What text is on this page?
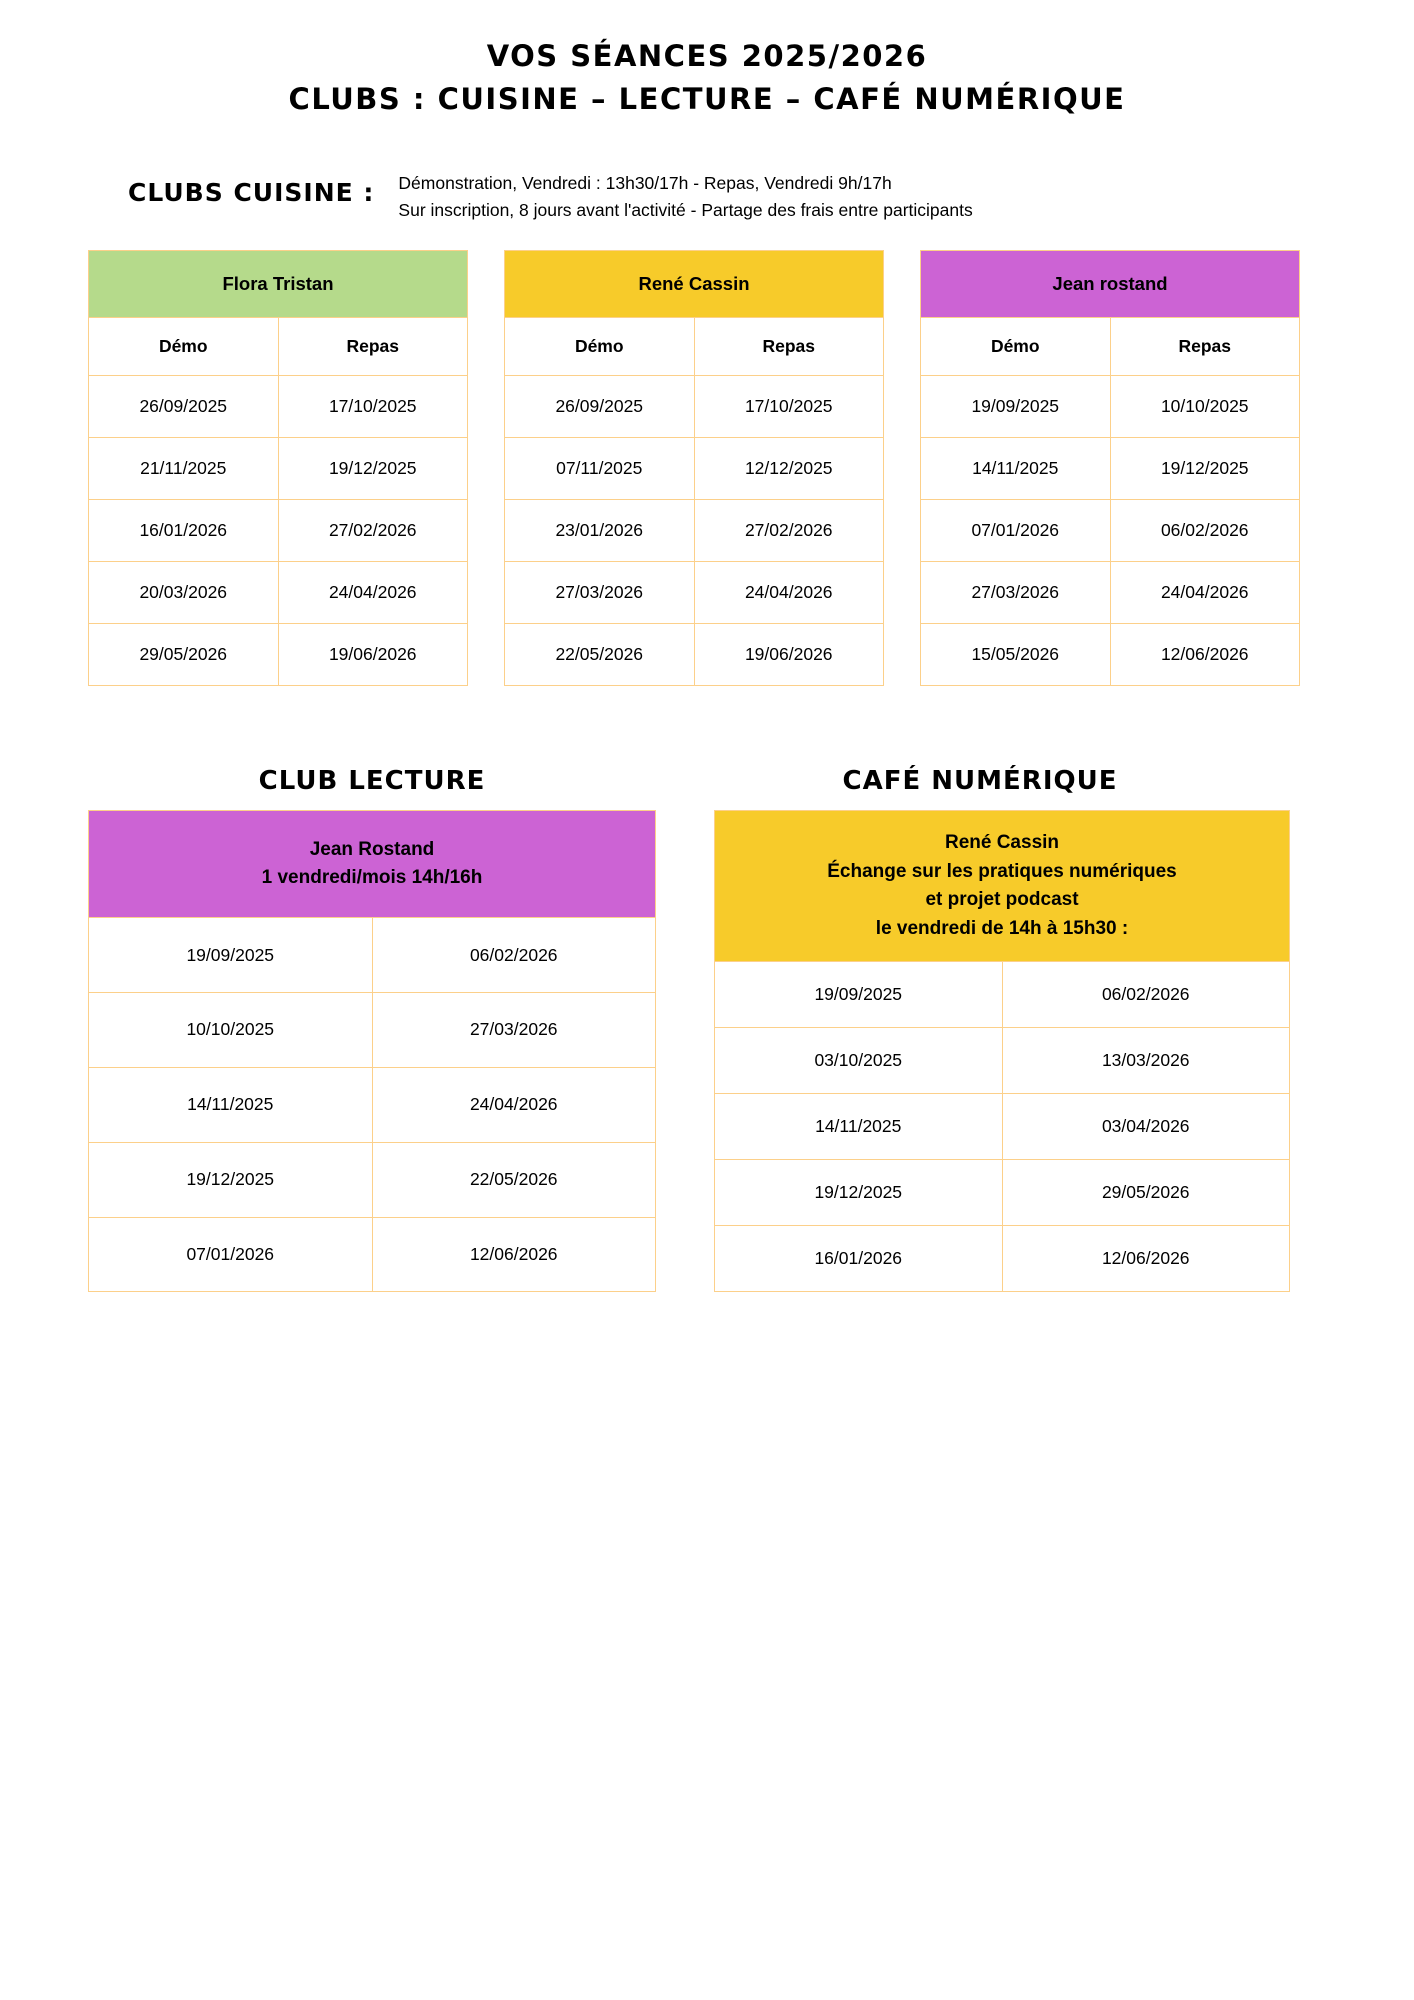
VOS SÉANCES 2025/2026
CLUBS : CUISINE – LECTURE – CAFÉ NUMÉRIQUE
CLUBS CUISINE : Démonstration, Vendredi : 13h30/17h - Repas, Vendredi 9h/17h
Sur inscription, 8 jours avant l'activité - Partage des frais entre participants
Flora Tristan	
Démo	Repas
26/09/2025	17/10/2025
21/11/2025	19/12/2025
16/01/2026	27/02/2026
20/03/2026	24/04/2026
29/05/2026	19/06/2026
René Cassin	
Démo	Repas
26/09/2025	17/10/2025
07/11/2025	12/12/2025
23/01/2026	27/02/2026
27/03/2026	24/04/2026
22/05/2026	19/06/2026
Jean rostand	
Démo	Repas
19/09/2025	10/10/2025
14/11/2025	19/12/2025
07/01/2026	06/02/2026
27/03/2026	24/04/2026
15/05/2026	12/06/2026
CLUB LECTURE	CAFÉ NUMÉRIQUE
Jean Rostand
1 vendredi/mois 14h/16h	

19/09/2025	06/02/2026
10/10/2025	27/03/2026
14/11/2025	24/04/2026
19/12/2025	22/05/2026
07/01/2026	12/06/2026
René Cassin
Échange sur les pratiques numériques
et projet podcast
le vendredi de 14h à 15h30 :	

19/09/2025	06/02/2026
03/10/2025	13/03/2026
14/11/2025	03/04/2026
19/12/2025	29/05/2026
16/01/2026	12/06/2026
